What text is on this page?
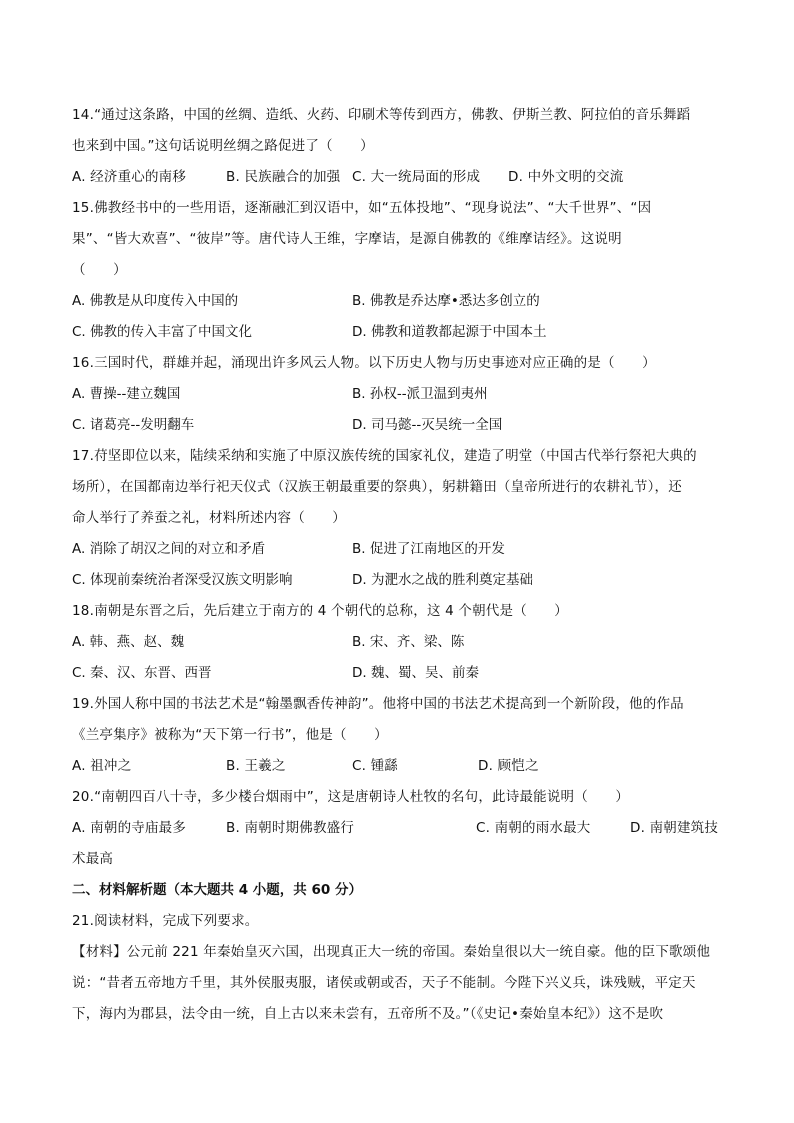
14.“通过这条路，中国的丝绸、造纸、火药、印刷术等传到西方，佛教、伊斯兰教、阿拉伯的音乐舞蹈
也来到中国。”这句话说明丝绸之路促进了（　　）
A. 经济重心的南移	B. 民族融合的加强 C. 大一统局面的形成 D. 中外文明的交流
15.佛教经书中的一些用语，逐渐融汇到汉语中，如“五体投地”、“现身说法”、“大千世界”、“因
果”、“皆大欢喜”、“彼岸”等。唐代诗人王维，字摩诘，是源自佛教的《维摩诘经》。这说明
（　　）
A. 佛教是从印度传入中国的	B. 佛教是乔达摩•悉达多创立的
C. 佛教的传入丰富了中国文化	D. 佛教和道教都起源于中国本土
16.三国时代，群雄并起，涌现出许多风云人物。以下历史人物与历史事迹对应正确的是（　　）
A. 曹操--建立魏国	B. 孙权--派卫温到夷州
C. 诸葛亮--发明翻车	D. 司马懿--灭吴统一全国
17.苻坚即位以来，陆续采纳和实施了中原汉族传统的国家礼仪，建造了明堂（中国古代举行祭祀大典的
场所），在国都南边举行祀天仪式（汉族王朝最重要的祭典），躬耕籍田（皇帝所进行的农耕礼节），还
命人举行了养蚕之礼，材料所述内容（　　）
A. 消除了胡汉之间的对立和矛盾	B. 促进了江南地区的开发
C. 体现前秦统治者深受汉族文明影响	D. 为淝水之战的胜利奠定基础
18.南朝是东晋之后，先后建立于南方的 4 个朝代的总称，这 4 个朝代是（　　）
A. 韩、燕、赵、魏	B. 宋、齐、梁、陈
C. 秦、汉、东晋、西晋	D. 魏、蜀、吴、前秦
19.外国人称中国的书法艺术是“翰墨飘香传神韵”。他将中国的书法艺术提高到一个新阶段，他的作品
《兰亭集序》被称为“天下第一行书”，他是（　　）
A. 祖冲之	B. 王羲之	C. 锺繇	D. 顾恺之
20.“南朝四百八十寺，多少楼台烟雨中”，这是唐朝诗人杜牧的名句，此诗最能说明（　　）
A. 南朝的寺庙最多	B. 南朝时期佛教盛行	C. 南朝的雨水最大	D. 南朝建筑技
术最高
二、材料解析题（本大题共 4 小题，共 60 分）
21.阅读材料，完成下列要求。
【材料】公元前 221 年秦始皇灭六国，出现真正大一统的帝国。秦始皇很以大一统自豪。他的臣下歌颂他
说：“昔者五帝地方千里，其外侯服夷服，诸侯或朝或否，天子不能制。今陛下兴义兵，诛残贼，平定天
下，海内为郡县，法令由一统，自上古以来未尝有，五帝所不及。”（《史记•秦始皇本纪》）这不是吹
